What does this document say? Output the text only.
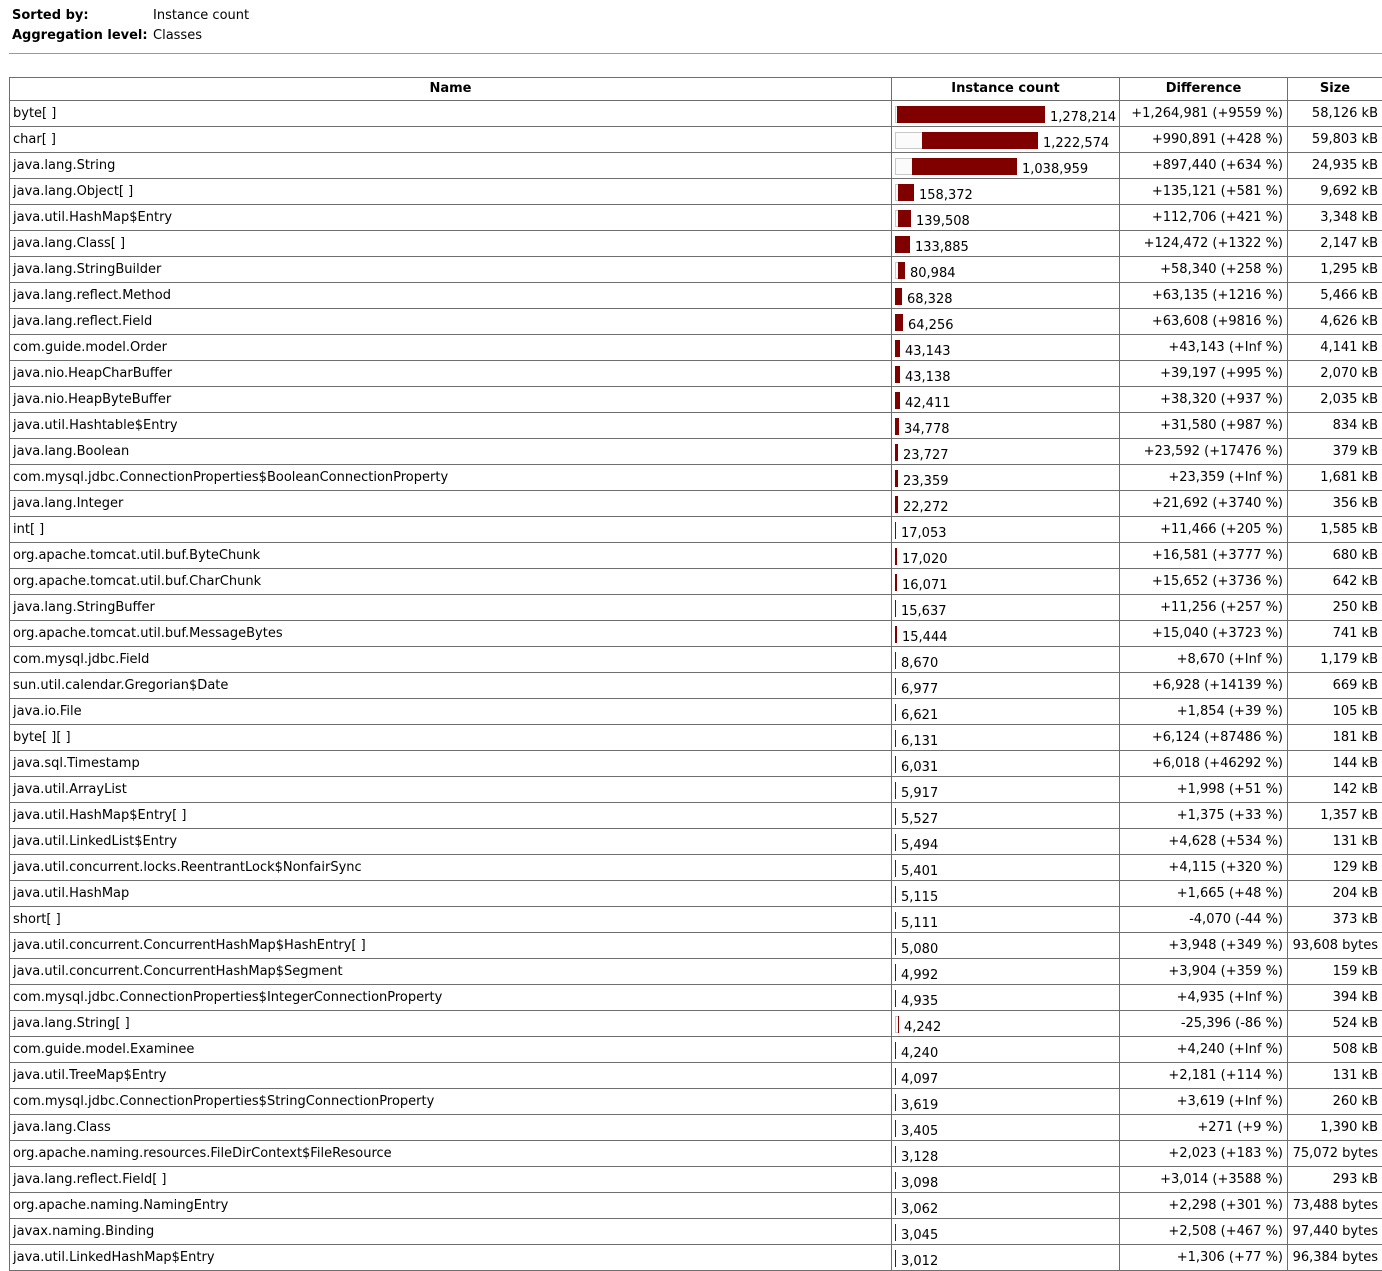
Sorted by:	Instance count
Aggregation level: Classes
Name	Instance count	Difference	Size
byte[ ]	1,278,214	+1,264,981 (+9559 %)	58,126 kB
char[ ]	1,222,574	+990,891 (+428 %)	59,803 kB
java.lang.String	1,038,959	+897,440 (+634 %)	24,935 kB
java.lang.Object[ ]	158,372	+135,121 (+581 %)	9,692 kB
java.util.HashMap$Entry	139,508	+112,706 (+421 %)	3,348 kB
java.lang.Class[ ]	133,885	+124,472 (+1322 %)	2,147 kB
java.lang.StringBuilder	80,984	+58,340 (+258 %)	1,295 kB
java.lang.reflect.Method	68,328	+63,135 (+1216 %)	5,466 kB
java.lang.reflect.Field	64,256	+63,608 (+9816 %)	4,626 kB
com.guide.model.Order	43,143	+43,143 (+Inf %)	4,141 kB
java.nio.HeapCharBuffer	43,138	+39,197 (+995 %)	2,070 kB
java.nio.HeapByteBuffer	42,411	+38,320 (+937 %)	2,035 kB
java.util.Hashtable$Entry	34,778	+31,580 (+987 %)	834 kB
java.lang.Boolean	23,727	+23,592 (+17476 %)	379 kB
com.mysql.jdbc.ConnectionProperties$BooleanConnectionProperty	23,359	+23,359 (+Inf %)	1,681 kB
java.lang.Integer	22,272	+21,692 (+3740 %)	356 kB
int[ ]	17,053	+11,466 (+205 %)	1,585 kB
org.apache.tomcat.util.buf.ByteChunk	17,020	+16,581 (+3777 %)	680 kB
org.apache.tomcat.util.buf.CharChunk	16,071	+15,652 (+3736 %)	642 kB
java.lang.StringBuffer	15,637	+11,256 (+257 %)	250 kB
org.apache.tomcat.util.buf.MessageBytes	15,444	+15,040 (+3723 %)	741 kB
com.mysql.jdbc.Field	8,670	+8,670 (+Inf %)	1,179 kB
sun.util.calendar.Gregorian$Date	6,977	+6,928 (+14139 %)	669 kB
java.io.File	6,621	+1,854 (+39 %)	105 kB
byte[ ][ ]	6,131	+6,124 (+87486 %)	181 kB
java.sql.Timestamp	6,031	+6,018 (+46292 %)	144 kB
java.util.ArrayList	5,917	+1,998 (+51 %)	142 kB
java.util.HashMap$Entry[ ]	5,527	+1,375 (+33 %)	1,357 kB
java.util.LinkedList$Entry	5,494	+4,628 (+534 %)	131 kB
java.util.concurrent.locks.ReentrantLock$NonfairSync	5,401	+4,115 (+320 %)	129 kB
java.util.HashMap	5,115	+1,665 (+48 %)	204 kB
short[ ]	5,111	-4,070 (-44 %)	373 kB
java.util.concurrent.ConcurrentHashMap$HashEntry[ ]	5,080	+3,948 (+349 %)	93,608 bytes
java.util.concurrent.ConcurrentHashMap$Segment	4,992	+3,904 (+359 %)	159 kB
com.mysql.jdbc.ConnectionProperties$IntegerConnectionProperty	4,935	+4,935 (+Inf %)	394 kB
java.lang.String[ ]	4,242	-25,396 (-86 %)	524 kB
com.guide.model.Examinee	4,240	+4,240 (+Inf %)	508 kB
java.util.TreeMap$Entry	4,097	+2,181 (+114 %)	131 kB
com.mysql.jdbc.ConnectionProperties$StringConnectionProperty	3,619	+3,619 (+Inf %)	260 kB
java.lang.Class	3,405	+271 (+9 %)	1,390 kB
org.apache.naming.resources.FileDirContext$FileResource	3,128	+2,023 (+183 %)	75,072 bytes
java.lang.reflect.Field[ ]	3,098	+3,014 (+3588 %)	293 kB
org.apache.naming.NamingEntry	3,062	+2,298 (+301 %)	73,488 bytes
javax.naming.Binding	3,045	+2,508 (+467 %)	97,440 bytes
java.util.LinkedHashMap$Entry	3,012	+1,306 (+77 %)	96,384 bytes
